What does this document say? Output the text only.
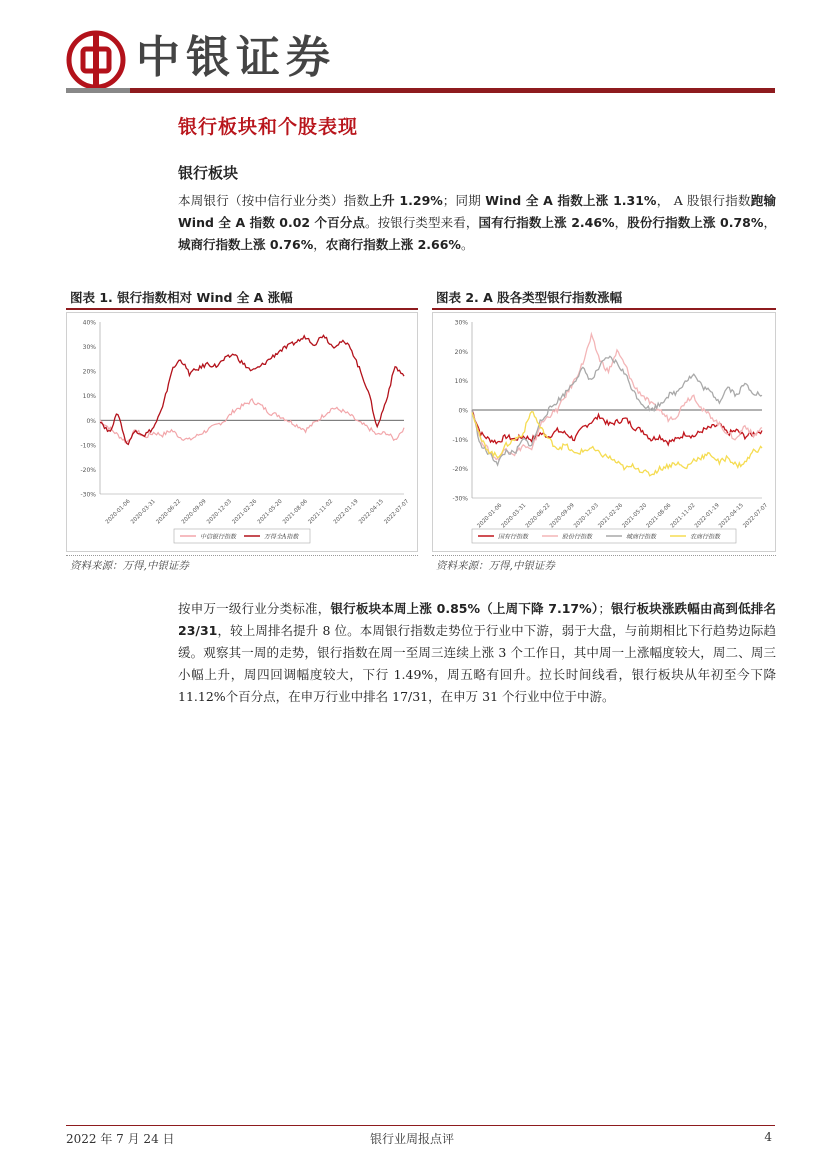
中银证券
银行板块和个股表现
银行板块
本周银行（按中信行业分类）指数上升 1.29%；同期 Wind 全 A 指数上涨 1.31%， A 股银行指数跑输 Wind 全 A 指数 0.02 个百分点。按银行类型来看，国有行指数上涨 2.46%，股份行指数上涨 0.78%，城商行指数上涨 0.76%，农商行指数上涨 2.66%。
图表 1. 银行指数相对 Wind 全 A 涨幅	图表 2. A 股各类型银行指数涨幅
40%
30%
20%
10%
0%
-10%
-20%
-30%
2020-01-06
2020-03-31
2020-06-22
2020-09-09
2020-12-03
2021-02-26
2021-05-20
2021-08-06
2021-11-02
2022-01-19
2022-04-15
2022-07-07
中信银行指数	万得全A指数
30%
20%
10%
0%
-10%
-20%
-30%
2020-01-06
2020-03-31
2020-06-22
2020-09-09
2020-12-03
2021-02-26
2021-05-20
2021-08-06
2021-11-02
2022-01-19
2022-04-15
2022-07-07
国有行指数	股份行指数	城商行指数	农商行指数
资料来源：万得,中银证券	资料来源：万得,中银证券
按申万一级行业分类标准，银行板块本周上涨 0.85%（上周下降 7.17%）；银行板块涨跌幅由高到低排名 23/31，较上周排名提升 8 位。本周银行指数走势位于行业中下游，弱于大盘，与前期相比下行趋势边际趋缓。观察其一周的走势，银行指数在周一至周三连续上涨 3 个工作日，其中周一上涨幅度较大，周二、周三小幅上升，周四回调幅度较大，下行 1.49%，周五略有回升。拉长时间线看，银行板块从年初至今下降 11.12%个百分点，在申万行业中排名 17/31，在申万 31 个行业中位于中游。
2022 年 7 月 24 日	银行业周报点评	4
